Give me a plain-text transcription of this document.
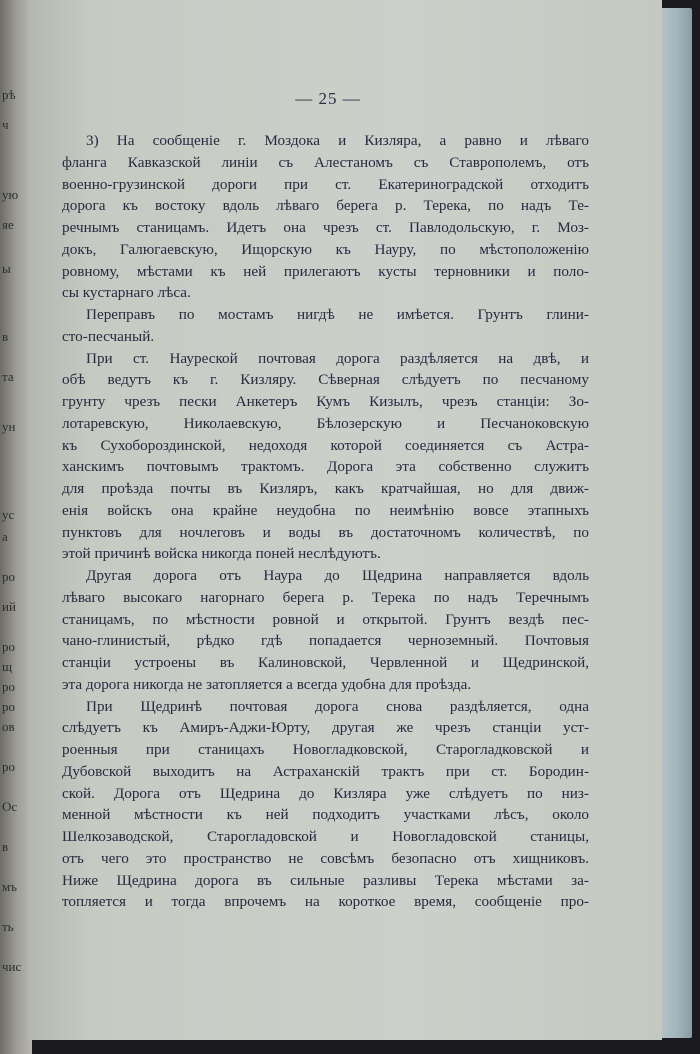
рѣ
ч
ую
яе
ы
в
та
ун
ус
а
ро
ий
ро
щ
ро
ро
ов
ро
Ос
в
мъ
ть
чис
— 25 —
3) На сообщеніе г. Моздока и Кизляра, а равно и лѣваго
фланга Кавказской линіи съ Алестаномъ съ Ставрополемъ, отъ
военно-грузинской дороги при ст. Екатериноградской отходитъ
дорога къ востоку вдоль лѣваго берега р. Терека, по надъ Те-
речнымъ станицамъ. Идетъ она чрезъ ст. Павлодольскую, г. Моз-
докъ, Галюгаевскую, Ищорскую къ Науру, по мѣстоположенію
ровному, мѣстами къ ней прилегаютъ кусты терновники и поло-
сы кустарнаго лѣса.
Переправъ по мостамъ нигдѣ не имѣется. Грунтъ глини-
сто-песчаный.
При ст. Науреской почтовая дорога раздѣляется на двѣ, и
обѣ ведутъ къ г. Кизляру. Сѣверная слѣдуетъ по песчаному
грунту чрезъ пески Анкетеръ Кумъ Кизылъ, чрезъ станціи: Зо-
лотаревскую, Николаевскую, Бѣлозерскую и Песчаноковскую
къ Сухобороздинской, недоходя которой соединяется съ Астра-
ханскимъ почтовымъ трактомъ. Дорога эта собственно служитъ
для проѣзда почты въ Кизляръ, какъ кратчайшая, но для движ-
енія войскъ она крайне неудобна по неимѣнію вовсе этапныхъ
пунктовъ для ночлеговъ и воды въ достаточномъ количествѣ, по
этой причинѣ войска никогда поней неслѣдуютъ.
Другая дорога отъ Наура до Щедрина направляется вдоль
лѣваго высокаго нагорнаго берега р. Терека по надъ Теречнымъ
станицамъ, по мѣстности ровной и открытой. Грунтъ вездѣ пес-
чано-глинистый, рѣдко гдѣ попадается черноземный. Почтовыя
станціи устроены въ Калиновской, Червленной и Щедринской,
эта дорога никогда не затопляется а всегда удобна для проѣзда.
При Щедринѣ почтовая дорога снова раздѣляется, одна
слѣдуетъ къ Амиръ-Аджи-Юрту, другая же чрезъ станціи уст-
роенныя при станицахъ Новогладковской, Старогладковской и
Дубовской выходитъ на Астраханскій трактъ при ст. Бородин-
ской. Дорога отъ Щедрина до Кизляра уже слѣдуетъ по низ-
менной мѣстности къ ней подходитъ участками лѣсъ, около
Шелкозаводской, Старогладовской и Новогладовской станицы,
отъ чего это пространство не совсѣмъ безопасно отъ хищниковъ.
Ниже Щедрина дорога въ сильные разливы Терека мѣстами за-
топляется и тогда впрочемъ на короткое время, сообщеніе про-
